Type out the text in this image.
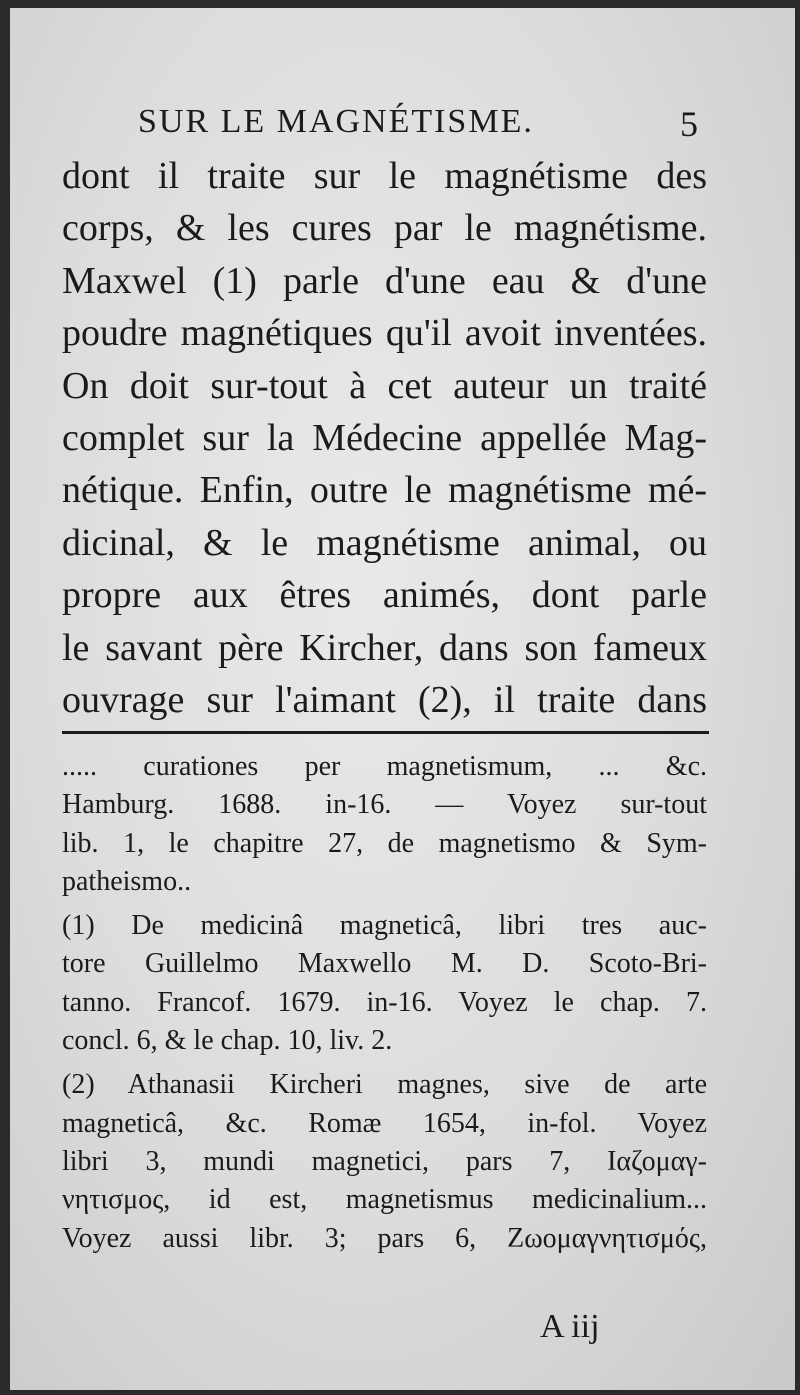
SUR LE MAGNÉTISME.	5
dont il traite sur le magnétisme des
corps, & les cures par le magnétisme.
Maxwel (1) parle d'une eau & d'une
poudre magnétiques qu'il avoit inventées.
On doit sur-tout à cet auteur un traité
complet sur la Médecine appellée Mag-
nétique. Enfin, outre le magnétisme mé-
dicinal, & le magnétisme animal, ou
propre aux êtres animés, dont parle
le savant père Kircher, dans son fameux
ouvrage sur l'aimant (2), il traite dans
..... curationes per magnetismum, ... &c.
Hamburg. 1688. in-16. — Voyez sur-tout
lib. 1, le chapitre 27, de magnetismo & Sym-
patheismo..
(1) De medicinâ magneticâ, libri tres auc-
tore Guillelmo Maxwello M. D. Scoto-Bri-
tanno. Francof. 1679. in-16. Voyez le chap. 7.
concl. 6, & le chap. 10, liv. 2.
(2) Athanasii Kircheri magnes, sive de arte
magneticâ, &c. Romæ 1654, in-fol. Voyez
libri 3, mundi magnetici, pars 7, Ιαζομαγ-
νητισμος, id est, magnetismus medicinalium...
Voyez aussi libr. 3; pars 6, Ζωομαγνητισμός,
A iij
